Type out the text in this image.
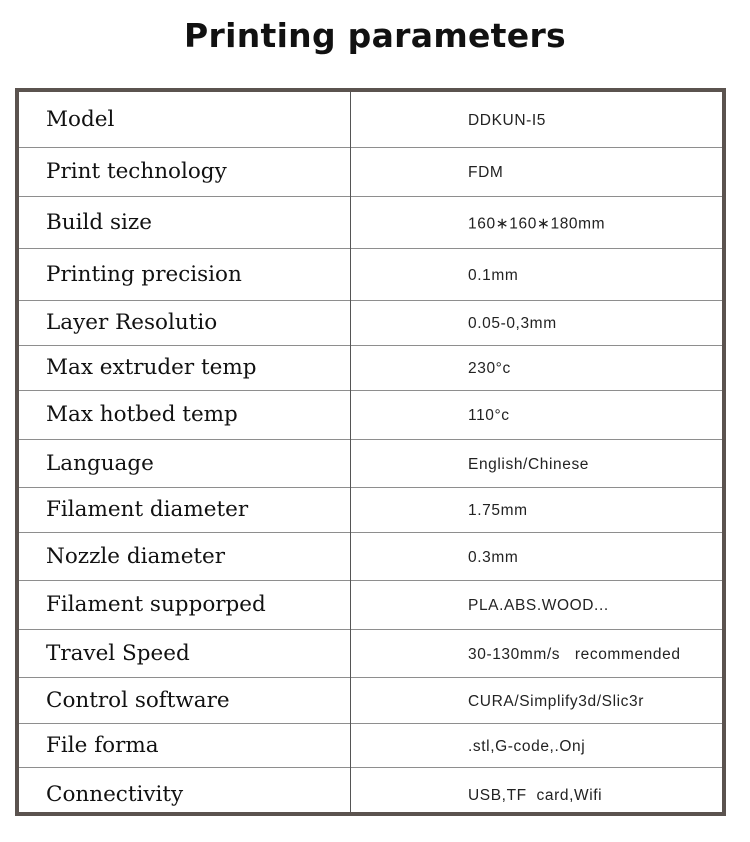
Printing parameters
Model	DDKUN-I5
Print technology	FDM
Build size	160∗160∗180mm
Printing precision	0.1mm
Layer Resolutio	0.05-0,3mm
Max extruder temp	230°c
Max hotbed temp	110°c
Language	English/Chinese
Filament diameter	1.75mm
Nozzle diameter	0.3mm
Filament supporped	PLA.ABS.WOOD...
Travel Speed	30-130mm/s   recommended
Control software	CURA/Simplify3d/Slic3r
File forma	.stl,G-code,.Onj
Connectivity	USB,TF  card,Wifi
